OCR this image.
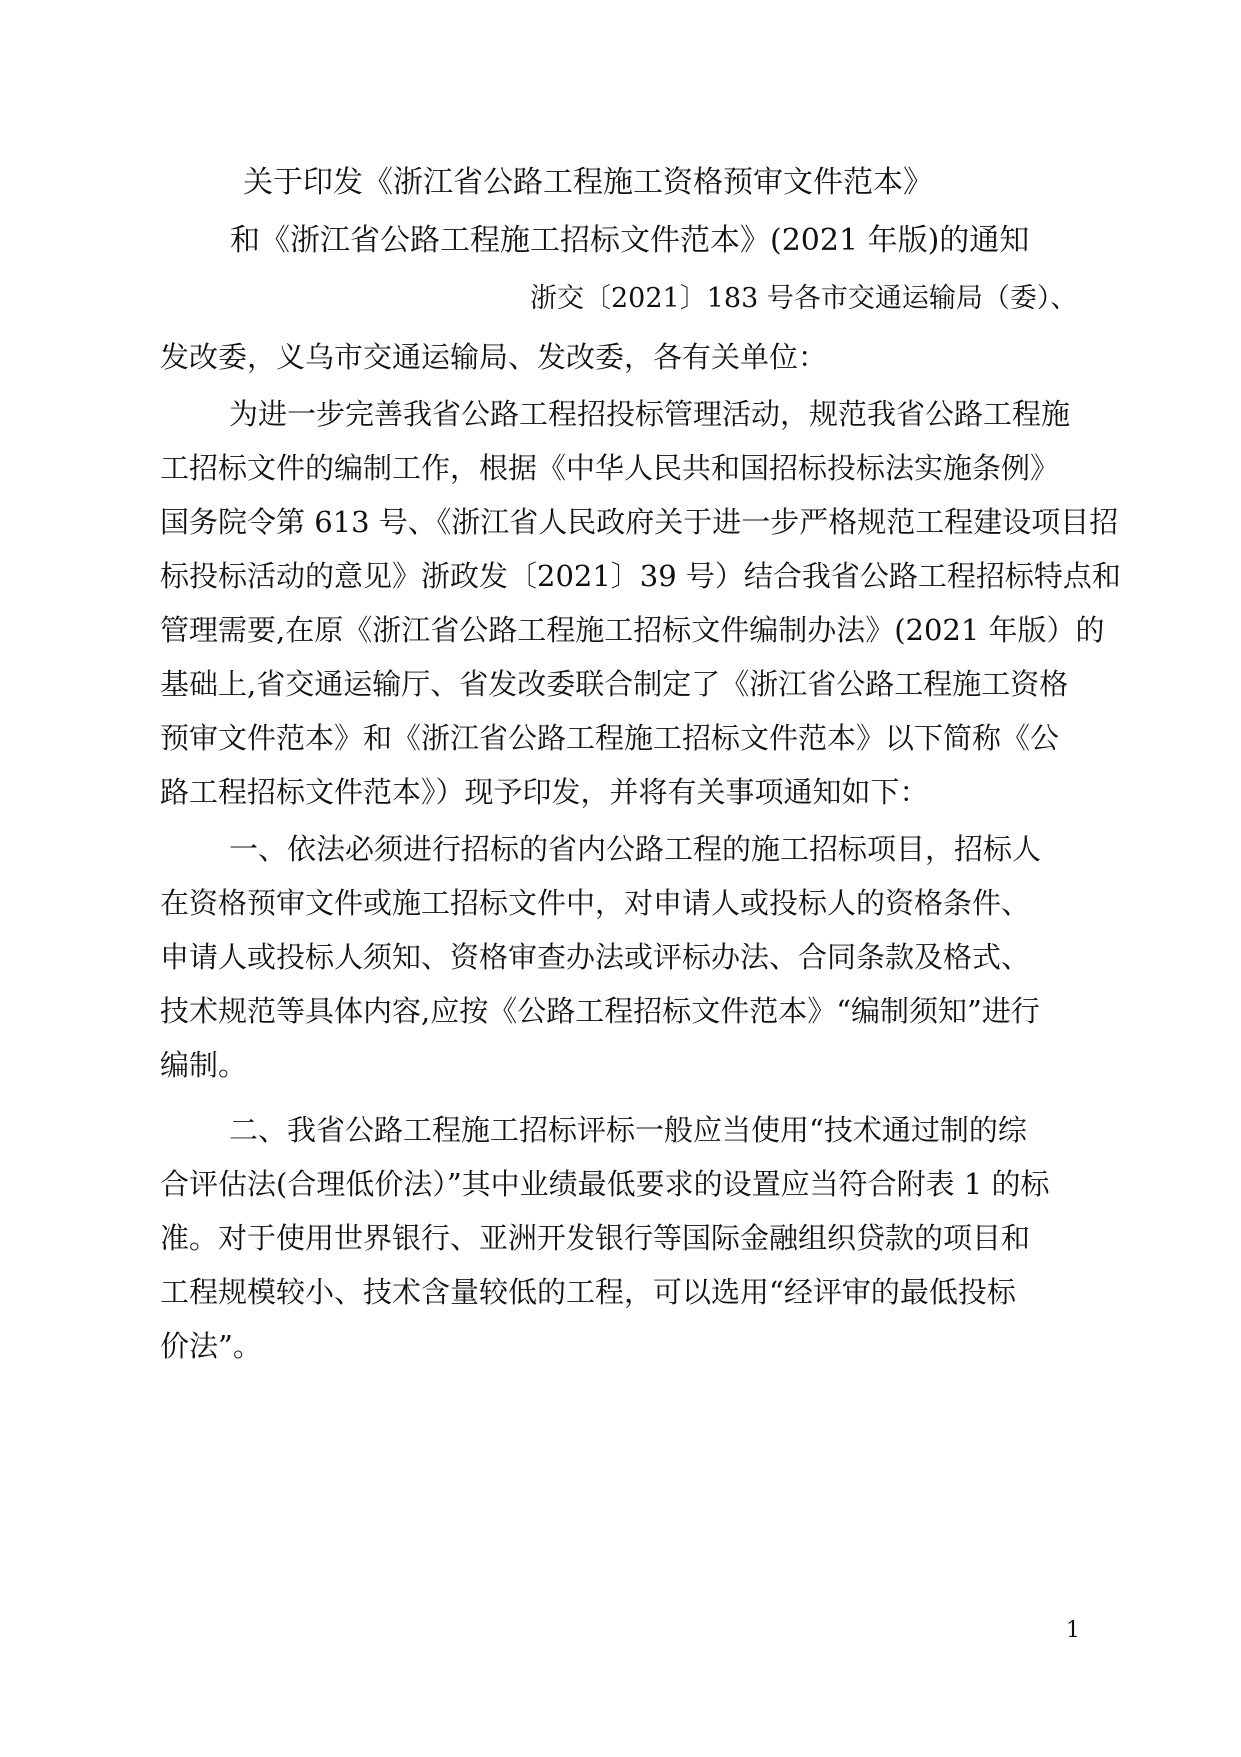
关于印发《浙江省公路工程施工资格预审文件范本》
和《浙江省公路工程施工招标文件范本》(2021 年版)的通知
浙交〔2021〕183 号各市交通运输局（委）、
发改委，义乌市交通运输局、发改委，各有关单位：
为进一步完善我省公路工程招投标管理活动，规范我省公路工程施
工招标文件的编制工作，根据《中华人民共和国招标投标法实施条例》
国务院令第 613 号、《浙江省人民政府关于进一步严格规范工程建设项目招
标投标活动的意见》浙政发〔2021〕39 号）结合我省公路工程招标特点和
管理需要,在原《浙江省公路工程施工招标文件编制办法》(2021 年版）的
基础上,省交通运输厅、省发改委联合制定了《浙江省公路工程施工资格
预审文件范本》和《浙江省公路工程施工招标文件范本》以下简称《公
路工程招标文件范本》）现予印发，并将有关事项通知如下：
一、依法必须进行招标的省内公路工程的施工招标项目，招标人
在资格预审文件或施工招标文件中，对申请人或投标人的资格条件、
申请人或投标人须知、资格审查办法或评标办法、合同条款及格式、
技术规范等具体内容,应按《公路工程招标文件范本》“编制须知”进行
编制。
二、我省公路工程施工招标评标一般应当使用“技术通过制的综
合评估法(合理低价法）”其中业绩最低要求的设置应当符合附表 1 的标
准。对于使用世界银行、亚洲开发银行等国际金融组织贷款的项目和
工程规模较小、技术含量较低的工程，可以选用“经评审的最低投标
价法”。
1
